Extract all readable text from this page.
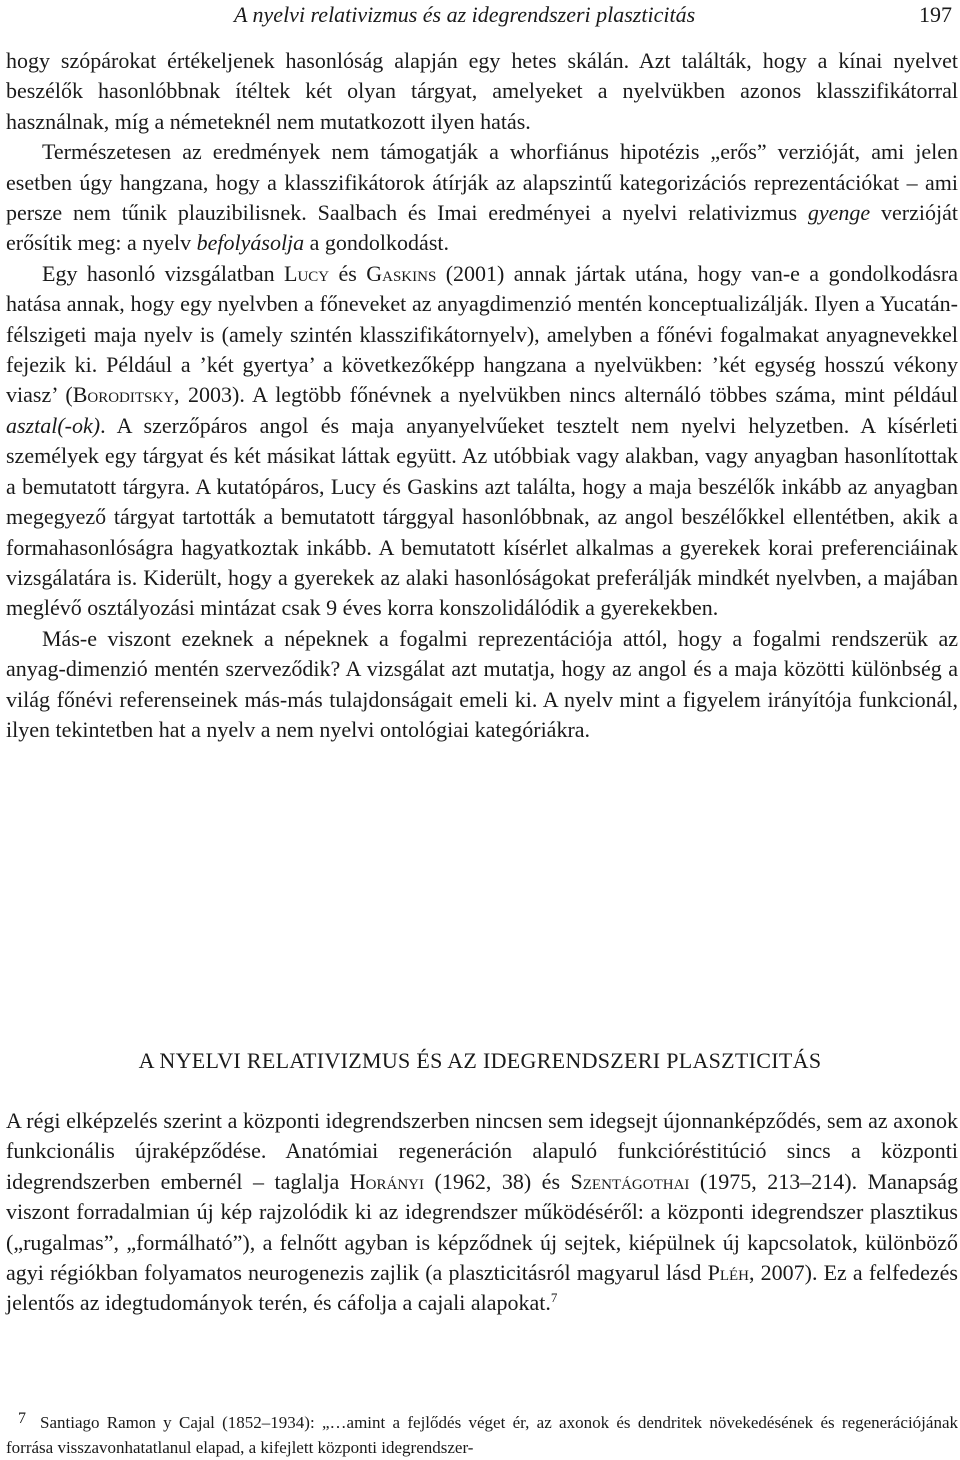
A nyelvi relativizmus és az idegrendszeri plaszticitás	197

hogy szópárokat értékeljenek hasonlóság alapján egy hetes skálán. Azt találták, hogy a kínai nyelvet beszélők hasonlóbbnak ítéltek két olyan tárgyat, amelyeket a nyelvükben azonos klasszifikátorral használnak, míg a németeknél nem mutatkozott ilyen hatás.

Természetesen az eredmények nem támogatják a whorfiánus hipotézis „erős” verzióját, ami jelen esetben úgy hangzana, hogy a klasszifikátorok átírják az alapszintű kategorizációs reprezentációkat – ami persze nem tűnik plauzibilisnek. Saalbach és Imai eredményei a nyelvi relativizmus gyenge verzióját erősítik meg: a nyelv befolyásolja a gondolkodást.

Egy hasonló vizsgálatban Lucy és Gaskins (2001) annak jártak utána, hogy van-e a gondolkodásra hatása annak, hogy egy nyelvben a főneveket az anyagdimenzió mentén konceptualizálják. Ilyen a Yucatán-félszigeti maja nyelv is (amely szintén klasszifikátornyelv), amelyben a főnévi fogalmakat anyagnevekkel fejezik ki. Például a ’két gyertya’ a következőképp hangzana a nyelvükben: ’két egység hosszú vékony viasz’ (Boroditsky, 2003). A legtöbb főnévnek a nyelvükben nincs alternáló többes száma, mint például asztal(-ok). A szerzőpáros angol és maja anyanyelvűeket tesztelt nem nyelvi helyzetben. A kísérleti személyek egy tárgyat és két másikat láttak együtt. Az utóbbiak vagy alakban, vagy anyagban hasonlítottak a bemutatott tárgyra. A kutatópáros, Lucy és Gaskins azt találta, hogy a maja beszélők inkább az anyagban megegyező tárgyat tartották a bemutatott tárggyal hasonlóbbnak, az angol beszélőkkel ellentétben, akik a formahasonlóságra hagyatkoztak inkább. A bemutatott kísérlet alkalmas a gyerekek korai preferenciáinak vizsgálatára is. Kiderült, hogy a gyerekek az alaki hasonlóságokat preferálják mindkét nyelvben, a majában meglévő osztályozási mintázat csak 9 éves korra konszolidálódik a gyerekekben.

Más-e viszont ezeknek a népeknek a fogalmi reprezentációja attól, hogy a fogalmi rendszerük az anyag-dimenzió mentén szerveződik? A vizsgálat azt mutatja, hogy az angol és a maja közötti különbség a világ főnévi referenseinek más-más tulajdonságait emeli ki. A nyelv mint a figyelem irányítója funkcionál, ilyen tekintetben hat a nyelv a nem nyelvi ontológiai kategóriákra.

A NYELVI RELATIVIZMUS ÉS AZ IDEGRENDSZERI PLASZTICITÁS

A régi elképzelés szerint a központi idegrendszerben nincsen sem idegsejt újonnanképződés, sem az axonok funkcionális újraképződése. Anatómiai regeneráción alapuló funkcióréstitúció sincs a központi idegrendszerben embernél – taglalja Horányi (1962, 38) és Szentágothai (1975, 213–214). Manapság viszont forradalmian új kép rajzolódik ki az idegrendszer működéséről: a központi idegrendszer plasztikus („rugalmas”, „formálható”), a felnőtt agyban is képződnek új sejtek, kiépülnek új kapcsolatok, különböző agyi régiókban folyamatos neurogenezis zajlik (a plaszticitásról magyarul lásd Pléh, 2007). Ez a felfedezés jelentős az idegtudományok terén, és cáfolja a cajali alapokat.$^7$

7 Santiago Ramon y Cajal (1852–1934): „…amint a fejlődés véget ér, az axonok és dendritek növekedésének és regenerációjának forrása visszavonhatatlanul elapad, a kifejlett központi idegrendszer-
